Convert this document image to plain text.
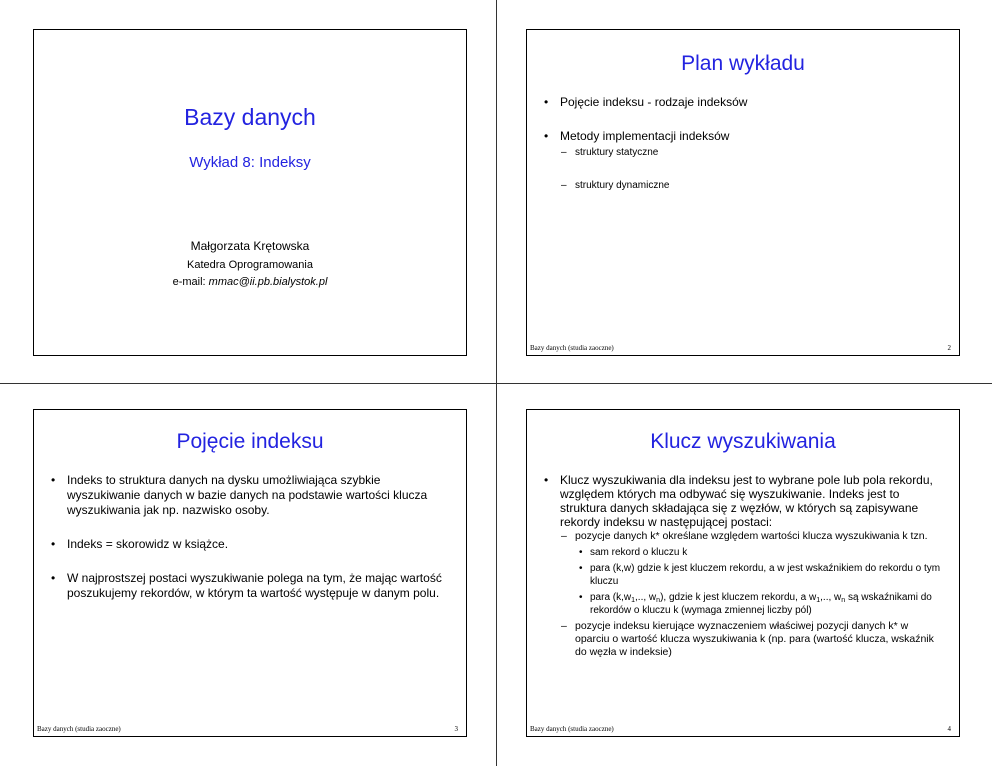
Bazy danych
Wykład 8: Indeksy
Małgorzata Krętowska
Katedra Oprogramowania
e-mail: mmac@ii.pb.bialystok.pl
Plan wykładu
• Pojęcie indeksu - rodzaje indeksów
• Metody implementacji indeksów
– struktury statyczne
– struktury dynamiczne
Bazy danych (studia zaoczne)	2
Pojęcie indeksu
• Indeks to struktura danych na dysku umożliwiająca szybkie wyszukiwanie danych w bazie danych na podstawie wartości klucza wyszukiwania jak np. nazwisko osoby.
• Indeks = skorowidz w książce.
• W najprostszej postaci wyszukiwanie polega na tym, że mając wartość poszukujemy rekordów, w którym ta wartość występuje w danym polu.
Bazy danych (studia zaoczne)	3
Klucz wyszukiwania
• Klucz wyszukiwania dla indeksu jest to wybrane pole lub pola rekordu, względem których ma odbywać się wyszukiwanie. Indeks jest to struktura danych składająca się z węzłów, w których są zapisywane rekordy indeksu w następującej postaci:
– pozycje danych k* określane względem wartości klucza wyszukiwania k tzn.
• sam rekord o kluczu k
• para (k,w) gdzie k jest kluczem rekordu, a w jest wskaźnikiem do rekordu o tym kluczu
• para ($k,w_1$,.., $w_n$), gdzie k jest kluczem rekordu, a $w_1$,.., $w_n$ są wskaźnikami do rekordów o kluczu k (wymaga zmiennej liczby pól)
– pozycje indeksu kierujące wyznaczeniem właściwej pozycji danych k* w oparciu o wartość klucza wyszukiwania k (np. para (wartość klucza, wskaźnik do węzła w indeksie)
Bazy danych (studia zaoczne)	4
